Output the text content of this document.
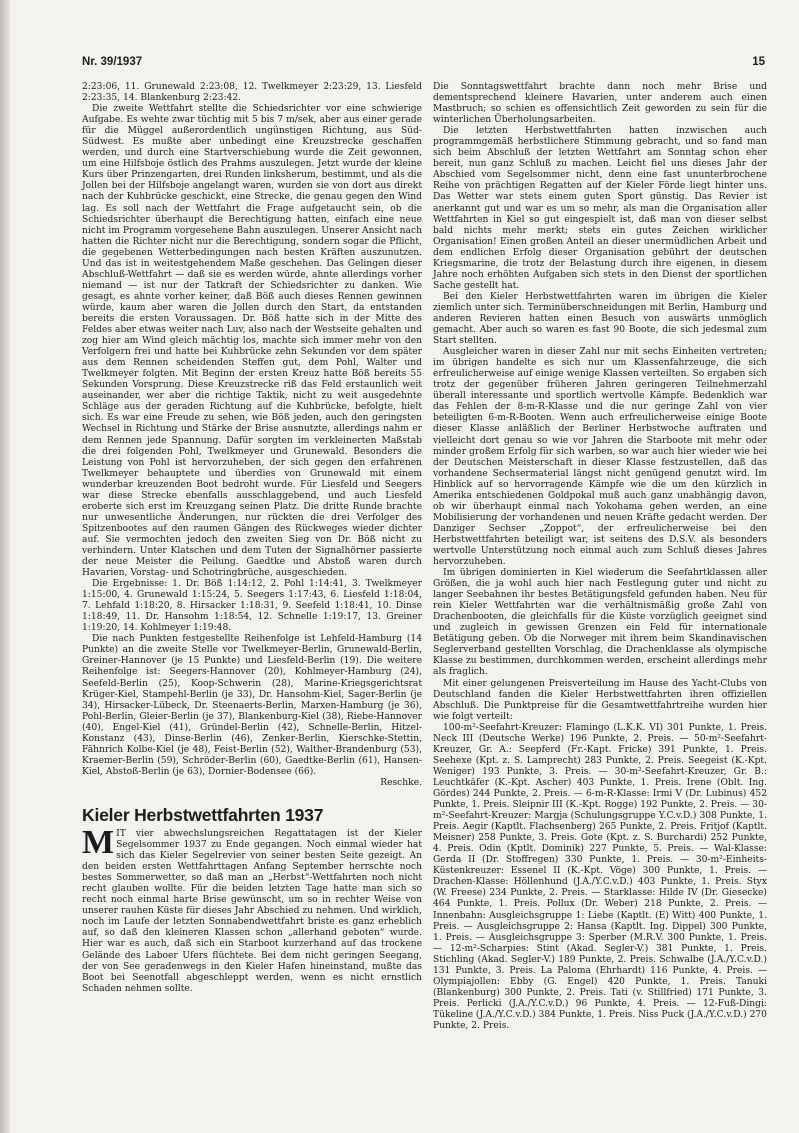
Nr. 39/1937	15

2:23:06, 11. Grunewald 2:23:08, 12. Twelkmeyer 2:23:29, 13. Liesfeld 2:23:35, 14. Blankenburg 2:23:42.

Die zweite Wettfahrt stellte die Schiedsrichter vor eine schwierige Aufgabe. Es wehte zwar tüchtig mit 5 bis 7 m/sek, aber aus einer gerade für die Müggel außerordentlich ungünstigen Richtung, aus Süd-Südwest. Es mußte aber unbedingt eine Kreuzstrecke geschaffen werden, und durch eine Startverschiebung wurde die Zeit gewonnen, um eine Hilfsboje östlich des Prahms auszulegen. Jetzt wurde der kleine Kurs über Prinzengarten, drei Runden linksherum, bestimmt, und als die Jollen bei der Hilfsboje angelangt waren, wurden sie von dort aus direkt nach der Kuhbrücke geschickt, eine Strecke, die genau gegen den Wind lag. Es soll nach der Wettfahrt die Frage aufgetaucht sein, ob die Schiedsrichter überhaupt die Berechtigung hatten, einfach eine neue nicht im Programm vorgesehene Bahn auszulegen. Unserer Ansicht nach hatten die Richter nicht nur die Berechtigung, sondern sogar die Pflicht, die gegebenen Wetterbedingungen nach besten Kräften auszunutzen. Und das ist in weitestgehendem Maße geschehen. Das Gelingen dieser Abschluß-Wettfahrt — daß sie es werden würde, ahnte allerdings vorher niemand — ist nur der Tatkraft der Schiedsrichter zu danken. Wie gesagt, es ahnte vorher keiner, daß Böß auch dieses Rennen gewinnen würde, kaum aber waren die Jollen durch den Start, da entstanden bereits die ersten Voraussagen. Dr. Böß hatte sich in der Mitte des Feldes aber etwas weiter nach Luv, also nach der Westseite gehalten und zog hier am Wind gleich mächtig los, machte sich immer mehr von den Verfolgern frei und hatte bei Kuhbrücke zehn Sekunden vor dem später aus dem Rennen scheidenden Steffen gut, dem Pohl, Walter und Twelkmeyer folgten. Mit Beginn der ersten Kreuz hatte Böß bereits 55 Sekunden Vorsprung. Diese Kreuzstrecke riß das Feld erstaunlich weit auseinander, wer aber die richtige Taktik, nicht zu weit ausgedehnte Schläge aus der geraden Richtung auf die Kuhbrücke, befolgte, hielt sich. Es war eine Freude zu sehen, wie Böß jeden, auch den geringsten Wechsel in Richtung und Stärke der Brise ausnutzte, allerdings nahm er dem Rennen jede Spannung. Dafür sorgten im verkleinerten Maßstab die drei folgenden Pohl, Twelkmeyer und Grunewald. Besonders die Leistung von Pohl ist hervorzuheben, der sich gegen den erfahrenen Twelkmeyer behauptete und überdies von Grunewald mit einem wunderbar kreuzenden Boot bedroht wurde. Für Liesfeld und Seegers war diese Strecke ebenfalls ausschlaggebend, und auch Liesfeld eroberte sich erst im Kreuzgang seinen Platz. Die dritte Runde brachte nur unwesentliche Änderungen, nur rückten die drei Verfolger des Spitzenbootes auf den raumen Gängen des Rückweges wieder dichter auf. Sie vermochten jedoch den zweiten Sieg von Dr. Böß nicht zu verhindern. Unter Klatschen und dem Tuten der Signalhörner passierte der neue Meister die Peilung. Gaedtke und Abstoß waren durch Havarien, Vorstag- und Schotringbrüche, ausgeschieden.

Die Ergebnisse: 1. Dr. Böß 1:14:12, 2. Pohl 1:14:41, 3. Twelkmeyer 1:15:00, 4. Grunewald 1:15:24, 5. Seegers 1:17:43, 6. Liesfeld 1:18:04, 7. Lehfald 1:18:20, 8. Hirsacker 1:18:31, 9. Seefeld 1:18:41, 10. Dinse 1:18:49, 11. Dr. Hansohm 1:18:54, 12. Schnelle 1:19:17, 13. Greiner 1:19:20, 14. Kohlmeyer 1:19:48.

Die nach Punkten festgestellte Reihenfolge ist Lehfeld-Hamburg (14 Punkte) an die zweite Stelle vor Twelkmeyer-Berlin, Grunewald-Berlin, Greiner-Hannover (je 15 Punkte) und Liesfeld-Berlin (19). Die weitere Reihenfolge ist: Seegers-Hannover (20), Kohlmeyer-Hamburg (24), Seefeld-Berlin (25), Koop-Schwerin (28), Marine-Kriegsgerichtsrat Krüger-Kiel, Stampehl-Berlin (je 33), Dr. Hansohm-Kiel, Sager-Berlin (je 34), Hirsacker-Lübeck, Dr. Steenaerts-Berlin, Marxen-Hamburg (je 36), Pohl-Berlin, Gleier-Berlin (je 37), Blankenburg-Kiel (38), Riebe-Hannover (40), Engel-Kiel (41), Gründel-Berlin (42), Schnelle-Berlin, Hitzel-Konstanz (43), Dinse-Berlin (46), Zenker-Berlin, Kierschke-Stettin, Fähnrich Kolbe-Kiel (je 48), Feist-Berlin (52), Walther-Brandenburg (53), Kraemer-Berlin (59), Schröder-Berlin (60), Gaedtke-Berlin (61), Hansen-Kiel, Abstoß-Berlin (je 63), Dornier-Bodensee (66).

Reschke.

Kieler Herbstwettfahrten 1937

MIT vier abwechslungsreichen Regattatagen ist der Kieler Segelsommer 1937 zu Ende gegangen. Noch einmal wieder hat sich das Kieler Segelrevier von seiner besten Seite gezeigt. An den beiden ersten Wettfahrttagen Anfang September herrschte noch bestes Sommerwetter, so daß man an „Herbst“-Wettfahrten noch nicht recht glauben wollte. Für die beiden letzten Tage hatte man sich so recht noch einmal harte Brise gewünscht, um so in rechter Weise von unserer rauhen Küste für dieses Jahr Abschied zu nehmen. Und wirklich, noch im Laufe der letzten Sonnabendwettfahrt briste es ganz erheblich auf, so daß den kleineren Klassen schon „allerhand geboten“ wurde. Hier war es auch, daß sich ein Starboot kurzerhand auf das trockene Gelände des Laboer Ufers flüchtete. Bei dem nicht geringen Seegang, der von See geradenwegs in den Kieler Hafen hineinstand, mußte das Boot bei Seenotfall abgeschleppt werden, wenn es nicht ernstlich Schaden nehmen sollte.

Die Sonntagswettfahrt brachte dann noch mehr Brise und dementsprechend kleinere Havarien, unter anderem auch einen Mastbruch; so schien es offensichtlich Zeit geworden zu sein für die winterlichen Überholungsarbeiten.

Die letzten Herbstwettfahrten hatten inzwischen auch programmgemäß herbstlichere Stimmung gebracht, und so fand man sich beim Abschluß der letzten Wettfahrt am Sonntag schon eher bereit, nun ganz Schluß zu machen. Leicht fiel uns dieses Jahr der Abschied vom Segelsommer nicht, denn eine fast ununterbrochene Reihe von prächtigen Regatten auf der Kieler Förde liegt hinter uns. Das Wetter war stets einem guten Sport günstig. Das Revier ist anerkannt gut und war es um so mehr, als man die Organisation aller Wettfahrten in Kiel so gut eingespielt ist, daß man von dieser selbst bald nichts mehr merkt; stets ein gutes Zeichen wirklicher Organisation! Einen großen Anteil an dieser unermüdlichen Arbeit und dem endlichen Erfolg dieser Organisation gebührt der deutschen Kriegsmarine, die trotz der Belastung durch ihre eigenen, in diesem Jahre noch erhöhten Aufgaben sich stets in den Dienst der sportlichen Sache gestellt hat.

Bei den Kieler Herbstwettfahrten waren im übrigen die Kieler ziemlich unter sich. Terminüberschneidungen mit Berlin, Hamburg und anderen Revieren hatten einen Besuch von auswärts unmöglich gemacht. Aber auch so waren es fast 90 Boote, die sich jedesmal zum Start stellten.

Ausgleicher waren in dieser Zahl nur mit sechs Einheiten vertreten; im übrigen handelte es sich nur um Klassenfahrzeuge, die sich erfreulicherweise auf einige wenige Klassen verteilten. So ergaben sich trotz der gegenüber früheren Jahren geringeren Teilnehmerzahl überall interessante und sportlich wertvolle Kämpfe. Bedenklich war das Fehlen der 8-m-R-Klasse und die nur geringe Zahl von vier beteiligten 6-m-R-Booten. Wenn auch erfreulicherweise einige Boote dieser Klasse anläßlich der Berliner Herbstwoche auftraten und vielleicht dort genau so wie vor Jahren die Starboote mit mehr oder minder großem Erfolg für sich warben, so war auch hier wieder wie bei der Deutschen Meisterschaft in dieser Klasse festzustellen, daß das vorhandene Sechsermaterial längst nicht genügend genutzt wird. Im Hinblick auf so hervorragende Kämpfe wie die um den kürzlich in Amerika entschiedenen Goldpokal muß auch ganz unabhängig davon, ob wir überhaupt einmal nach Yokohama gehen werden, an eine Mobilisierung der vorhandenen und neuen Kräfte gedacht werden. Der Danziger Sechser „Zoppot“, der erfreulicherweise bei den Herbstwettfahrten beteiligt war, ist seitens des D.S.V. als besonders wertvolle Unterstützung noch einmal auch zum Schluß dieses Jahres hervorzuheben.

Im übrigen dominierten in Kiel wiederum die Seefahrtklassen aller Größen, die ja wohl auch hier nach Festlegung guter und nicht zu langer Seebahnen ihr bestes Betätigungsfeld gefunden haben. Neu für rein Kieler Wettfahrten war die verhältnismäßig große Zahl von Drachenbooten, die gleichfalls für die Küste vorzüglich geeignet sind und zugleich in gewissen Grenzen ein Feld für internationale Betätigung geben. Ob die Norweger mit ihrem beim Skandinavischen Seglerverband gestellten Vorschlag, die Drachenklasse als olympische Klasse zu bestimmen, durchkommen werden, erscheint allerdings mehr als fraglich.

Mit einer gelungenen Preisverteilung im Hause des Yacht-Clubs von Deutschland fanden die Kieler Herbstwettfahrten ihren offiziellen Abschluß. Die Punktpreise für die Gesamtwettfahrtreihe wurden hier wie folgt verteilt:

100-m²-Seefahrt-Kreuzer: Flamingo (L.K.K. VI) 301 Punkte, 1. Preis. Neck III (Deutsche Werke) 196 Punkte, 2. Preis. — 50-m²-Seefahrt-Kreuzer, Gr. A.: Seepferd (Fr.-Kapt. Fricke) 391 Punkte, 1. Preis. Seehexe (Kpt. z. S. Lamprecht) 283 Punkte, 2. Preis. Seegeist (K.-Kpt. Weniger) 193 Punkte, 3. Preis. — 30-m²-Seefahrt-Kreuzer, Gr. B.: Leuchtkäfer (K.-Kpt. Ascher) 403 Punkte, 1. Preis. Irene (Oblt. Ing. Gördes) 244 Punkte, 2. Preis. — 6-m-R-Klasse: Irmi V (Dr. Lubinus) 452 Punkte, 1. Preis. Sleipnir III (K.-Kpt. Rogge) 192 Punkte, 2. Preis. — 30-m²-Seefahrt-Kreuzer: Margja (Schulungsgruppe Y.C.v.D.) 308 Punkte, 1. Preis. Aegir (Kaptlt. Flachsenberg) 265 Punkte, 2. Preis. Fritjof (Kaptlt. Meisner) 258 Punkte, 3. Preis. Gote (Kpt. z. S. Burchardi) 252 Punkte, 4. Preis. Odin (Kptlt. Dominik) 227 Punkte, 5. Preis. — Wal-Klasse: Gerda II (Dr. Stoffregen) 330 Punkte, 1. Preis. — 30-m²-Einheits-Küstenkreuzer: Essenel II (K.-Kpt. Vöge) 300 Punkte, 1. Preis. — Drachen-Klasse: Höllenhund (J.A./Y.C.v.D.) 403 Punkte, 1. Preis. Styx (W. Freese) 234 Punkte, 2. Preis. — Starklasse: Hilde IV (Dr. Giesecke) 464 Punkte, 1. Preis. Pollux (Dr. Weber) 218 Punkte, 2. Preis. — Innenbahn: Ausgleichsgruppe 1: Liebe (Kaptlt. (E) Witt) 400 Punkte, 1. Preis. — Ausgleichsgruppe 2: Hansa (Kaptlt. Ing. Dippel) 300 Punkte, 1. Preis. — Ausgleichsgruppe 3: Sperber (M.R.V. 300 Punkte, 1. Preis. — 12-m²-Scharpies: Stint (Akad. Segler-V.) 381 Punkte, 1. Preis. Stichling (Akad. Segler-V.) 189 Punkte, 2. Preis. Schwalbe (J.A./Y.C.v.D.) 131 Punkte, 3. Preis. La Paloma (Ehrhardt) 116 Punkte, 4. Preis. — Olympiajollen: Ebby (G. Engel) 420 Punkte, 1. Preis. Tanuki (Blankenburg) 300 Punkte, 2. Preis. Tati (v. Stillfried) 171 Punkte, 3. Preis. Perlicki (J.A./Y.C.v.D.) 96 Punkte, 4. Preis. — 12-Fuß-Dingi: Tükeline (J.A./Y.C.v.D.) 384 Punkte, 1. Preis. Niss Puck (J.A./Y.C.v.D.) 270 Punkte, 2. Preis.
